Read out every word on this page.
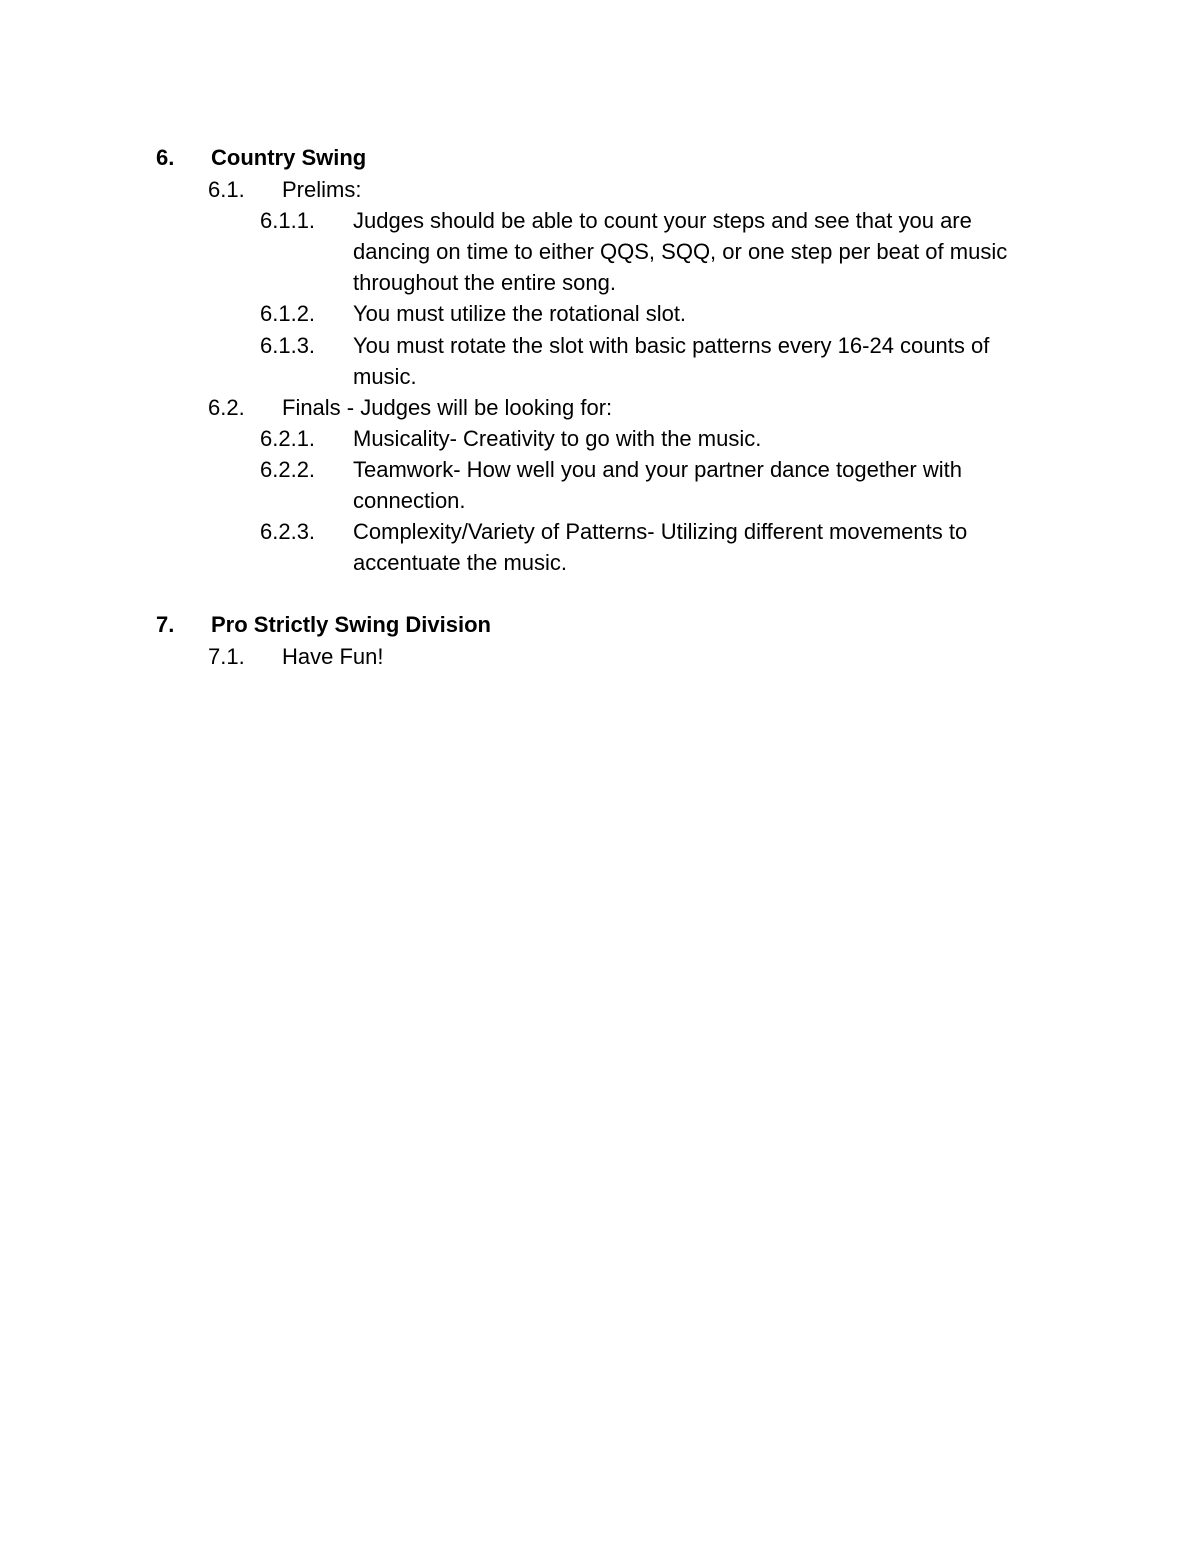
6. Country Swing
6.1. Prelims:
6.1.1. Judges should be able to count your steps and see that you are
dancing on time to either QQS, SQQ, or one step per beat of music
throughout the entire song.
6.1.2. You must utilize the rotational slot.
6.1.3. You must rotate the slot with basic patterns every 16-24 counts of
music.
6.2. Finals - Judges will be looking for:
6.2.1. Musicality- Creativity to go with the music.
6.2.2. Teamwork- How well you and your partner dance together with
connection.
6.2.3. Complexity/Variety of Patterns- Utilizing different movements to
accentuate the music.
7. Pro Strictly Swing Division
7.1. Have Fun!
